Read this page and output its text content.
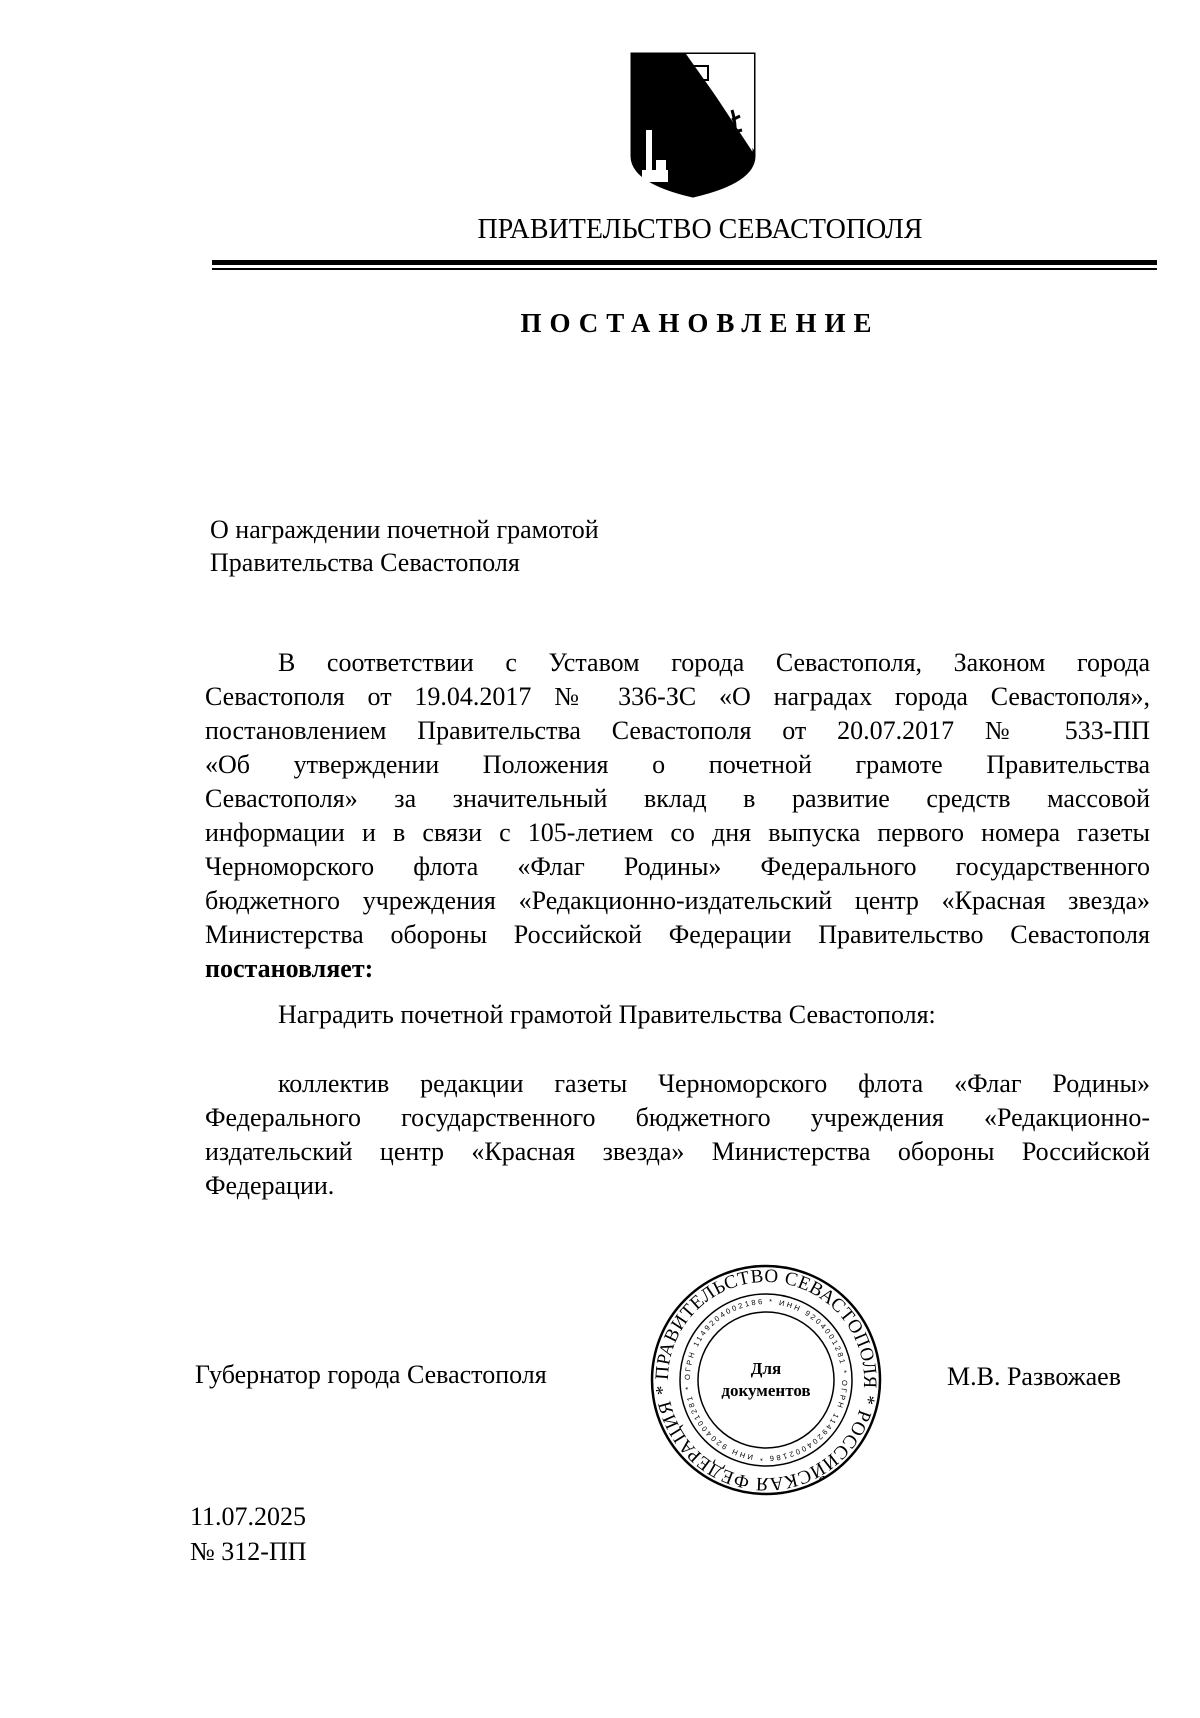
ПРАВИТЕЛЬСТВО СЕВАСТОПОЛЯ
ПОСТАНОВЛЕНИЕ
О награждении почетной грамотой
Правительства Севастополя
В соответствии с Уставом города Севастополя, Законом города
Севастополя от 19.04.2017 № 336-ЗС «О наградах города Севастополя»,
постановлением Правительства Севастополя от 20.07.2017 № 533-ПП
«Об утверждении Положения о почетной грамоте Правительства
Севастополя» за значительный вклад в развитие средств массовой
информации и в связи с 105-летием со дня выпуска первого номера газеты
Черноморского флота «Флаг Родины» Федерального государственного
бюджетного учреждения «Редакционно-издательский центр «Красная звезда»
Министерства обороны Российской Федерации Правительство Севастополя
постановляет:
Наградить почетной грамотой Правительства Севастополя:
коллектив редакции газеты Черноморского флота «Флаг Родины»
Федерального государственного бюджетного учреждения «Редакционно-
издательский центр «Красная звезда» Министерства обороны Российской
Федерации.
Губернатор города Севастополя	ПРАВИТЕЛЬСТВО СЕВАСТОПОЛЯ * РОССИЙСКАЯ ФЕДЕРАЦИЯ *
ОГРН 1149204002186 * ИНН 9204001281 * ОГРН 1149204002186 * ИНН 9204001281 *
Для
документов	М.В. Развожаев
11.07.2025
№ 312-ПП
